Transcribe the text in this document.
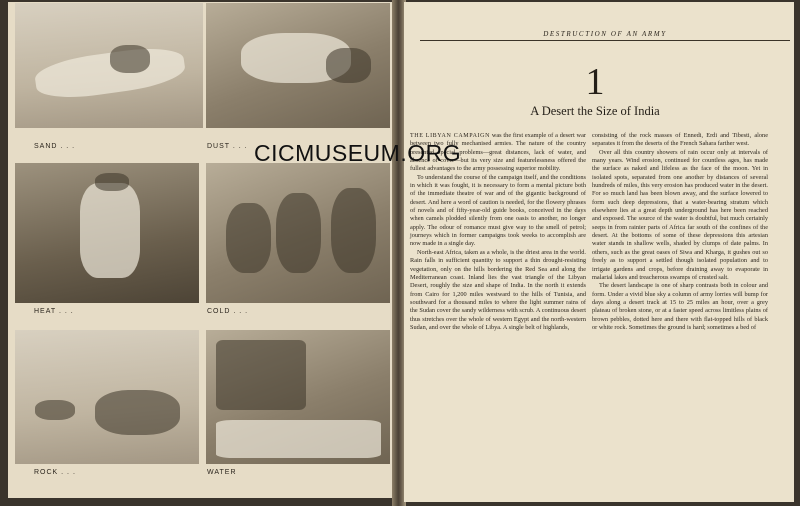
SAND . . .	DUST . . .
HEAT . . .	COLD . . .
ROCK . . .	WATER
DESTRUCTION OF AN ARMY
1
A Desert the Size of India

THE LIBYAN CAMPAIGN was the first example of a desert war between two fully mechanised armies. The nature of the country presented special problems—great distances, lack of water, and absence of cover—but its very size and featurelessness offered the fullest advantages to the army possessing superior mobility.

To understand the course of the campaign itself, and the conditions in which it was fought, it is necessary to form a mental picture both of the immediate theatre of war and of the gigantic background of desert. And here a word of caution is needed, for the flowery phrases of novels and of fifty-year-old guide books, conceived in the days when camels plodded silently from one oasis to another, no longer apply. The odour of romance must give way to the smell of petrol; journeys which in former campaigns took weeks to accomplish are now made in a single day.

North-east Africa, taken as a whole, is the driest area in the world. Rain falls in sufficient quantity to support a thin drought-resisting vegetation, only on the hills bordering the Red Sea and along the Mediterranean coast. Inland lies the vast triangle of the Libyan Desert, roughly the size and shape of India. In the north it extends from Cairo for 1,200 miles westward to the hills of Tunisia, and southward for a thousand miles to where the light summer rains of the Sudan cover the sandy wilderness with scrub. A continuous desert thus stretches over the whole of western Egypt and the north-western Sudan, and over the whole of Libya. A single belt of highlands,

consisting of the rock masses of Ennedi, Erdi and Tibesti, alone separates it from the deserts of the French Sahara farther west.

Over all this country showers of rain occur only at intervals of many years. Wind erosion, continued for countless ages, has made the surface as naked and lifeless as the face of the moon. Yet in isolated spots, separated from one another by distances of several hundreds of miles, this very erosion has produced water in the desert. For so much land has been blown away, and the surface lowered to form such deep depressions, that a water-bearing stratum which elsewhere lies at a great depth underground has here been reached and exposed. The source of the water is doubtful, but much certainly seeps in from rainier parts of Africa far south of the confines of the desert. At the bottoms of some of these depressions this artesian water stands in shallow wells, shaded by clumps of date palms. In others, such as the great oases of Siwa and Kharga, it gushes out so freely as to support a settled though isolated population and to irrigate gardens and crops, before draining away to evaporate in malarial lakes and treacherous swamps of crusted salt.

The desert landscape is one of sharp contrasts both in colour and form. Under a vivid blue sky a column of army lorries will bump for days along a desert track at 15 to 25 miles an hour, over a grey plateau of broken stone, or at a faster speed across limitless plains of brown pebbles, dotted here and there with flat-topped hills of black or white rock. Sometimes the ground is hard; sometimes a bed of

CICMUSEUM.ORG
